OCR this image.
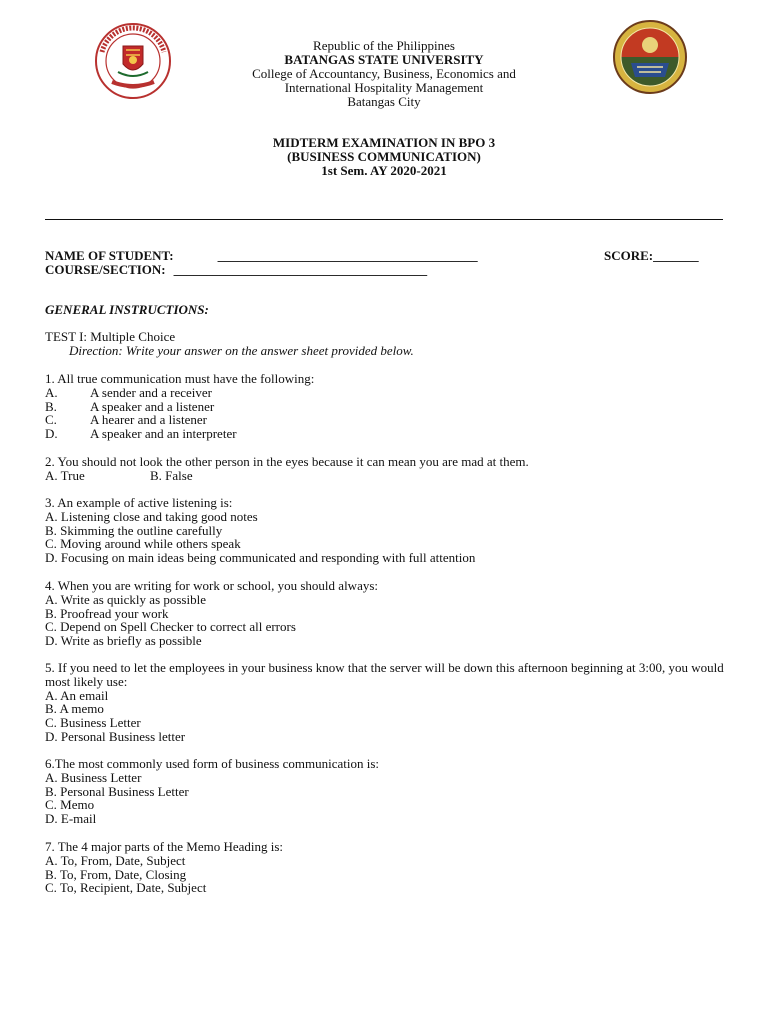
Republic of the Philippines
BATANGAS STATE UNIVERSITY
College of Accountancy, Business, Economics and
International Hospitality Management
Batangas City
MIDTERM EXAMINATION IN BPO 3
(BUSINESS COMMUNICATION)
1st Sem. AY 2020-2021
NAME OF STUDENT:	________________________________________	SCORE:_______
COURSE/SECTION: _______________________________________
GENERAL INSTRUCTIONS:
TEST I: Multiple Choice
Direction: Write your answer on the answer sheet provided below.
1. All true communication must have the following:
A. A sender and a receiver
B.	A speaker and a listener
C.	A hearer and a listener
D. A speaker and an interpreter
2. You should not look the other person in the eyes because it can mean you are mad at them.
A. True	B. False
3. An example of active listening is:
A. Listening close and taking good notes
B. Skimming the outline carefully
C. Moving around while others speak
D. Focusing on main ideas being communicated and responding with full attention
4. When you are writing for work or school, you should always:
A. Write as quickly as possible
B. Proofread your work
C. Depend on Spell Checker to correct all errors
D. Write as briefly as possible
5. If you need to let the employees in your business know that the server will be down this afternoon beginning at 3:00, you would most likely use:
A. An email
B. A memo
C. Business Letter
D. Personal Business letter
6.The most commonly used form of business communication is:
A. Business Letter
B. Personal Business Letter
C. Memo
D. E-mail
7. The 4 major parts of the Memo Heading is:
A. To, From, Date, Subject
B. To, From, Date, Closing
C. To, Recipient, Date, Subject
